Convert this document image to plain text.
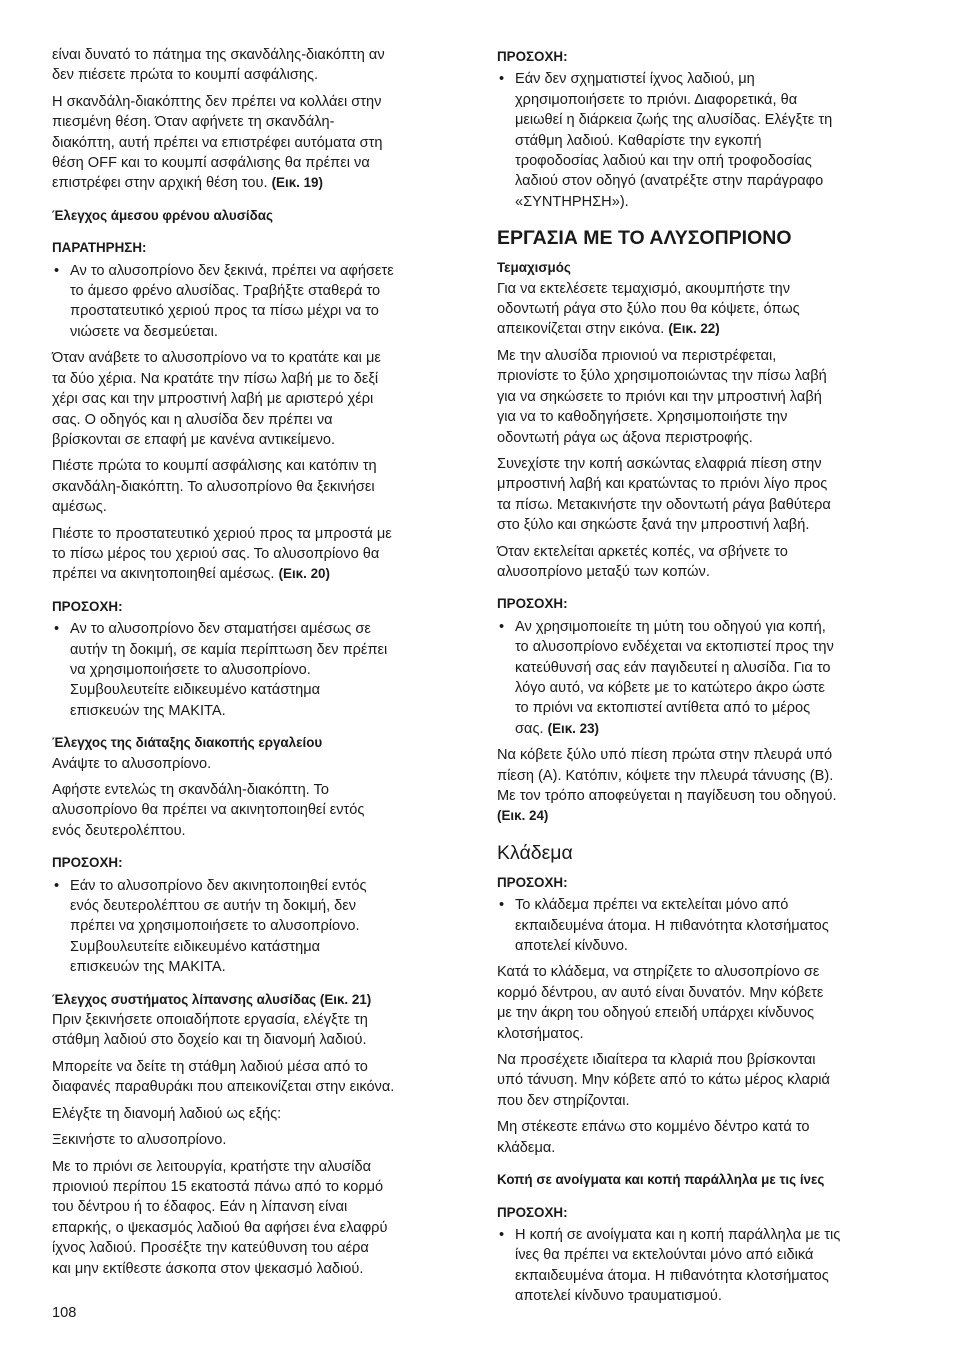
είναι δυνατό το πάτημα της σκανδάλης-διακόπτη αν
δεν πιέσετε πρώτα το κουμπί ασφάλισης.

Η σκανδάλη-διακόπτης δεν πρέπει να κολλάει στην
πιεσμένη θέση. Όταν αφήνετε τη σκανδάλη-
διακόπτη, αυτή πρέπει να επιστρέφει αυτόματα στη
θέση OFF και το κουμπί ασφάλισης θα πρέπει να
επιστρέφει στην αρχική θέση του. (Εικ. 19)

Έλεγχος άμεσου φρένου αλυσίδας
ΠΑΡΑΤΗΡΗΣΗ:
• Αν το αλυσοπρίονο δεν ξεκινά, πρέπει να αφήσετε
το άμεσο φρένο αλυσίδας. Τραβήξτε σταθερά το
προστατευτικό χεριού προς τα πίσω μέχρι να το
νιώσετε να δεσμεύεται.

Όταν ανάβετε το αλυσοπρίονο να το κρατάτε και με
τα δύο χέρια. Να κρατάτε την πίσω λαβή με το δεξί
χέρι σας και την μπροστινή λαβή με αριστερό χέρι
σας. Ο οδηγός και η αλυσίδα δεν πρέπει να
βρίσκονται σε επαφή με κανένα αντικείμενο.

Πιέστε πρώτα το κουμπί ασφάλισης και κατόπιν τη
σκανδάλη-διακόπτη. Το αλυσοπρίονο θα ξεκινήσει
αμέσως.

Πιέστε το προστατευτικό χεριού προς τα μπροστά με
το πίσω μέρος του χεριού σας. Το αλυσοπρίονο θα
πρέπει να ακινητοποιηθεί αμέσως. (Εικ. 20)

ΠΡΟΣΟΧΗ:
• Αν το αλυσοπρίονο δεν σταματήσει αμέσως σε
αυτήν τη δοκιμή, σε καμία περίπτωση δεν πρέπει
να χρησιμοποιήσετε το αλυσοπρίονο.
Συμβουλευτείτε ειδικευμένο κατάστημα
επισκευών της MAKITA.
Έλεγχος της διάταξης διακοπής εργαλείου

Ανάψτε το αλυσοπρίονο.

Αφήστε εντελώς τη σκανδάλη-διακόπτη. Το
αλυσοπρίονο θα πρέπει να ακινητοποιηθεί εντός
ενός δευτερολέπτου.

ΠΡΟΣΟΧΗ:
• Εάν το αλυσοπρίονο δεν ακινητοποιηθεί εντός
ενός δευτερολέπτου σε αυτήν τη δοκιμή, δεν
πρέπει να χρησιμοποιήσετε το αλυσοπρίονο.
Συμβουλευτείτε ειδικευμένο κατάστημα
επισκευών της MAKITA.
Έλεγχος συστήματος λίπανσης αλυσίδας (Εικ. 21)

Πριν ξεκινήσετε οποιαδήποτε εργασία, ελέγξτε τη
στάθμη λαδιού στο δοχείο και τη διανομή λαδιού.

Μπορείτε να δείτε τη στάθμη λαδιού μέσα από το
διαφανές παραθυράκι που απεικονίζεται στην εικόνα.

Ελέγξτε τη διανομή λαδιού ως εξής:

Ξεκινήστε το αλυσοπρίονο.

Με το πριόνι σε λειτουργία, κρατήστε την αλυσίδα
πριονιού περίπου 15 εκατοστά πάνω από το κορμό
του δέντρου ή το έδαφος. Εάν η λίπανση είναι
επαρκής, ο ψεκασμός λαδιού θα αφήσει ένα ελαφρύ
ίχνος λαδιού. Προσέξτε την κατεύθυνση του αέρα
και μην εκτίθεστε άσκοπα στον ψεκασμό λαδιού.

ΠΡΟΣΟΧΗ:
• Εάν δεν σχηματιστεί ίχνος λαδιού, μη
χρησιμοποιήσετε το πριόνι. Διαφορετικά, θα
μειωθεί η διάρκεια ζωής της αλυσίδας. Ελέγξτε τη
στάθμη λαδιού. Καθαρίστε την εγκοπή
τροφοδοσίας λαδιού και την οπή τροφοδοσίας
λαδιού στον οδηγό (ανατρέξτε στην παράγραφο
«ΣΥΝΤΗΡΗΣΗ»).
ΕΡΓΑΣΙΑ ΜΕ ΤΟ ΑΛΥΣΟΠΡΙΟΝΟ
Τεμαχισμός

Για να εκτελέσετε τεμαχισμό, ακουμπήστε την
οδοντωτή ράγα στο ξύλο που θα κόψετε, όπως
απεικονίζεται στην εικόνα. (Εικ. 22)

Με την αλυσίδα πριονιού να περιστρέφεται,
πριονίστε το ξύλο χρησιμοποιώντας την πίσω λαβή
για να σηκώσετε το πριόνι και την μπροστινή λαβή
για να το καθοδηγήσετε. Χρησιμοποιήστε την
οδοντωτή ράγα ως άξονα περιστροφής.

Συνεχίστε την κοπή ασκώντας ελαφριά πίεση στην
μπροστινή λαβή και κρατώντας το πριόνι λίγο προς
τα πίσω. Μετακινήστε την οδοντωτή ράγα βαθύτερα
στο ξύλο και σηκώστε ξανά την μπροστινή λαβή.

Όταν εκτελείται αρκετές κοπές, να σβήνετε το
αλυσοπρίονο μεταξύ των κοπών.

ΠΡΟΣΟΧΗ:
• Αν χρησιμοποιείτε τη μύτη του οδηγού για κοπή,
το αλυσοπρίονο ενδέχεται να εκτοπιστεί προς την
κατεύθυνσή σας εάν παγιδευτεί η αλυσίδα. Για το
λόγο αυτό, να κόβετε με το κατώτερο άκρο ώστε
το πριόνι να εκτοπιστεί αντίθετα από το μέρος
σας. (Εικ. 23)

Να κόβετε ξύλο υπό πίεση πρώτα στην πλευρά υπό
πίεση (A). Κατόπιν, κόψετε την πλευρά τάνυσης (B).
Με τον τρόπο αποφεύγεται η παγίδευση του οδηγού.
(Εικ. 24)

Κλάδεμα
ΠΡΟΣΟΧΗ:
• Το κλάδεμα πρέπει να εκτελείται μόνο από
εκπαιδευμένα άτομα. Η πιθανότητα κλοτσήματος
αποτελεί κίνδυνο.

Κατά το κλάδεμα, να στηρίζετε το αλυσοπρίονο σε
κορμό δέντρου, αν αυτό είναι δυνατόν. Μην κόβετε
με την άκρη του οδηγού επειδή υπάρχει κίνδυνος
κλοτσήματος.

Να προσέχετε ιδιαίτερα τα κλαριά που βρίσκονται
υπό τάνυση. Μην κόβετε από το κάτω μέρος κλαριά
που δεν στηρίζονται.

Μη στέκεστε επάνω στο κομμένο δέντρο κατά το
κλάδεμα.

Κοπή σε ανοίγματα και κοπή παράλληλα με τις ίνες
ΠΡΟΣΟΧΗ:
• Η κοπή σε ανοίγματα και η κοπή παράλληλα με τις
ίνες θα πρέπει να εκτελούνται μόνο από ειδικά
εκπαιδευμένα άτομα. Η πιθανότητα κλοτσήματος
αποτελεί κίνδυνο τραυματισμού.
108
